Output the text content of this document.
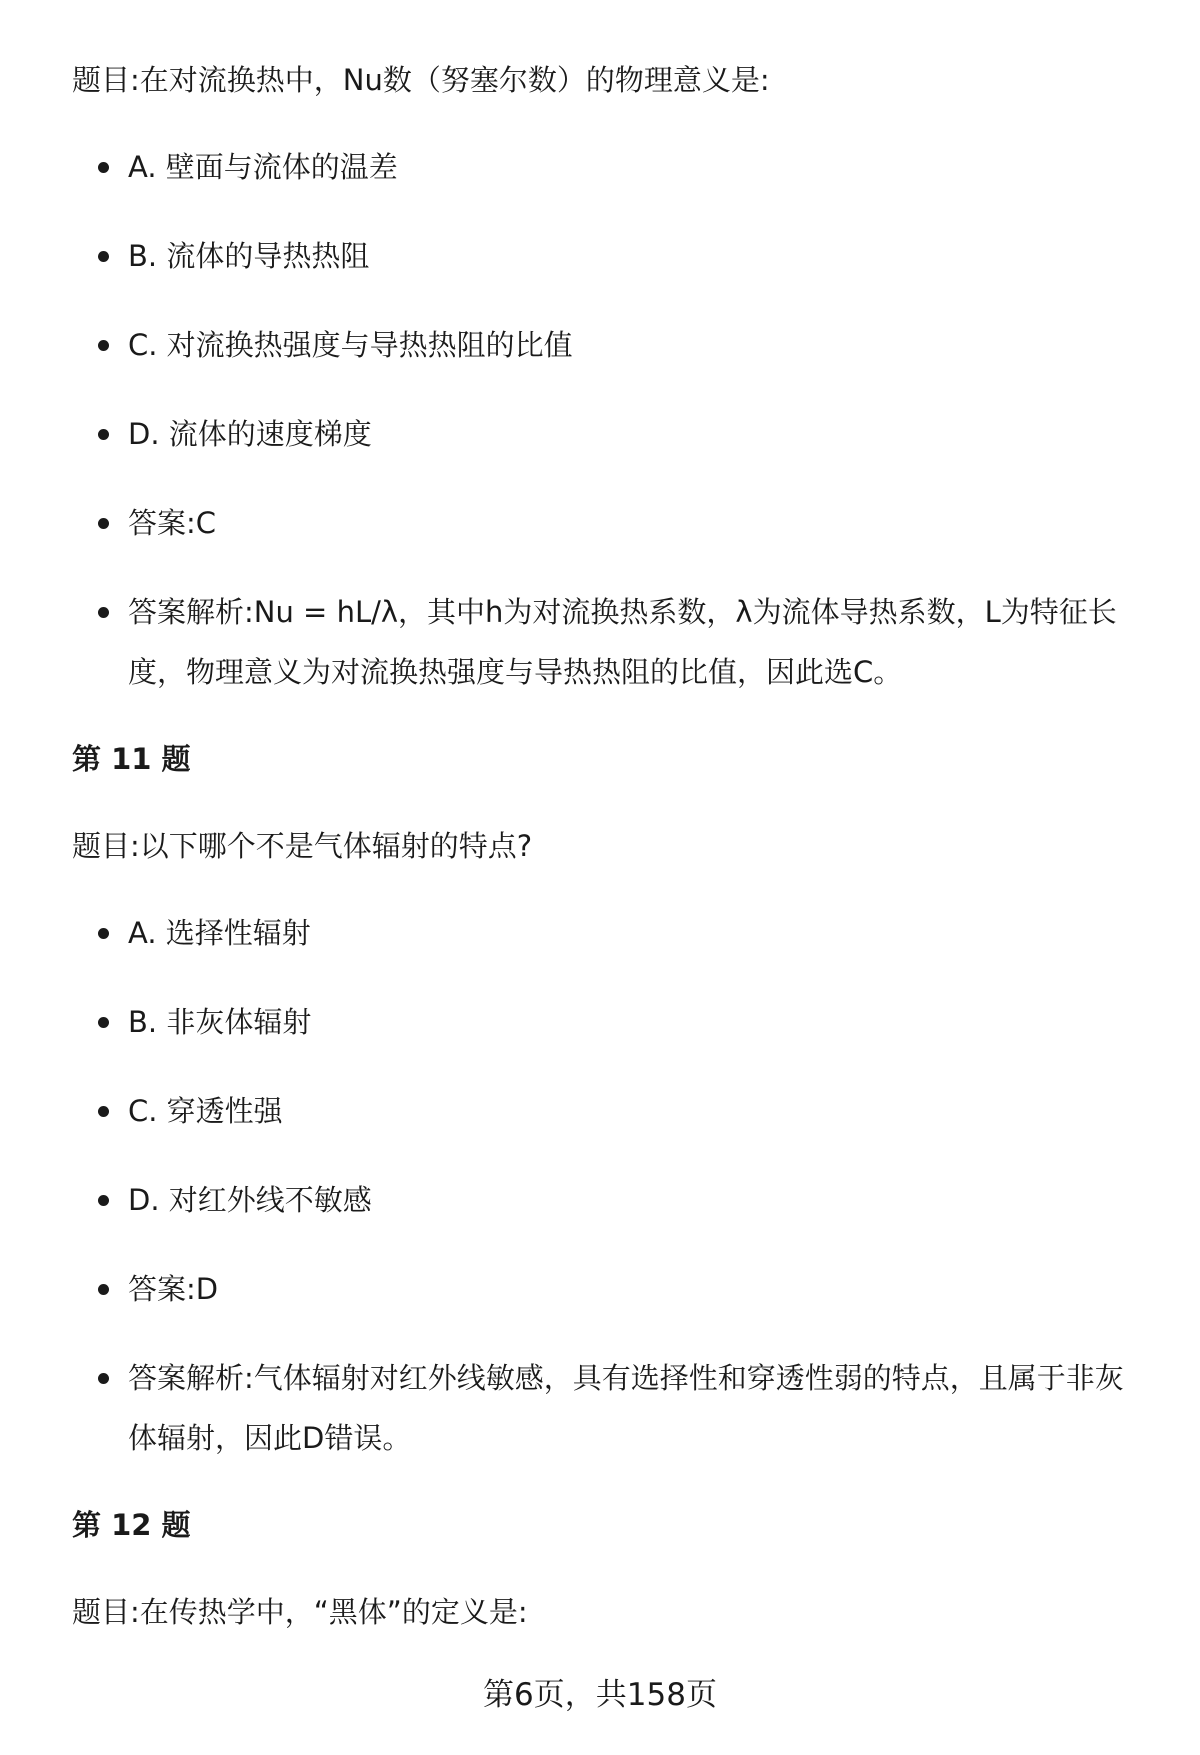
题目:在对流换热中，Nu数（努塞尔数）的物理意义是:

A. 壁面与流体的温差
B. 流体的导热热阻
C. 对流换热强度与导热热阻的比值
D. 流体的速度梯度
答案:C
答案解析:Nu = hL/λ，其中h为对流换热系数，λ为流体导热系数，L为特征长度，物理意义为对流换热强度与导热热阻的比值，因此选C。

第 11 题

题目:以下哪个不是气体辐射的特点?

A. 选择性辐射
B. 非灰体辐射
C. 穿透性强
D. 对红外线不敏感
答案:D
答案解析:气体辐射对红外线敏感，具有选择性和穿透性弱的特点，且属于非灰体辐射，因此D错误。

第 12 题

题目:在传热学中，“黑体”的定义是:

第6页，共158页
